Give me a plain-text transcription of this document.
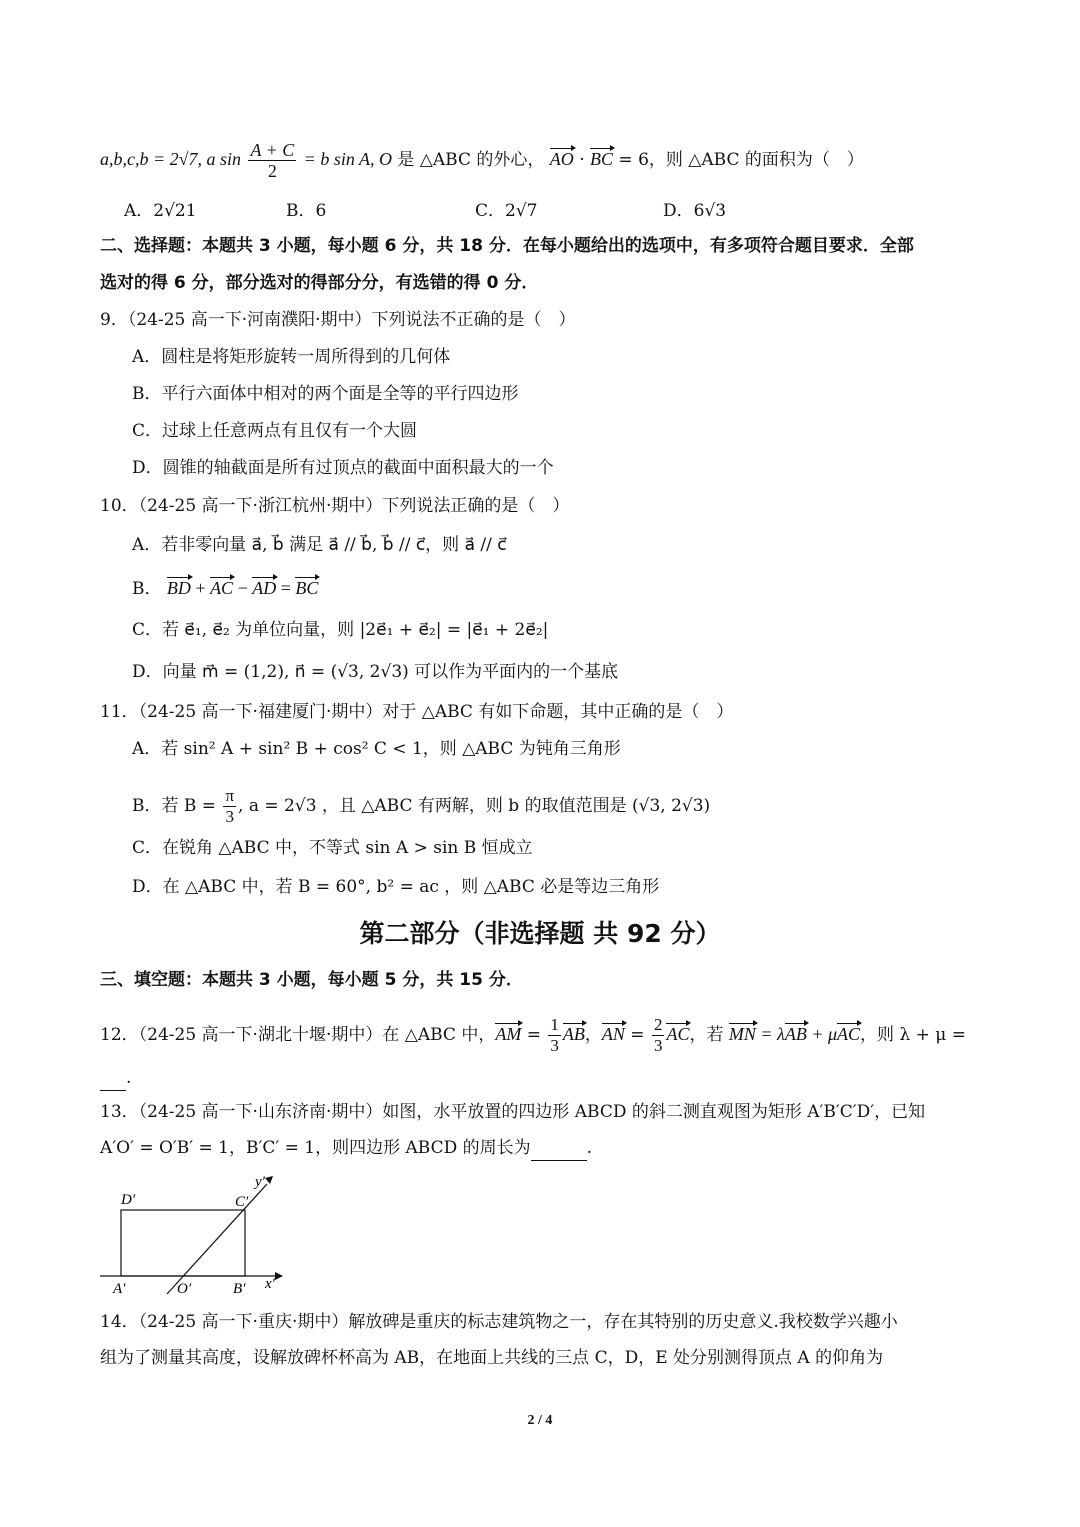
a,b,c,b = 2√7, a $\sin \frac{A + C}{2} = b$ sin A, O 是 △ABC 的外心， AO · BC = 6，则 △ABC 的面积为（　）
A．2√21	B．6	C．2√7	D．6√3
二、选择题：本题共 3 小题，每小题 6 分，共 18 分．在每小题给出的选项中，有多项符合题目要求．全部
选对的得 6 分，部分选对的得部分分，有选错的得 0 分．
9．（24-25 高一下·河南濮阳·期中）下列说法不正确的是（　）
A．圆柱是将矩形旋转一周所得到的几何体
B．平行六面体中相对的两个面是全等的平行四边形
C．过球上任意两点有且仅有一个大圆
D．圆锥的轴截面是所有过顶点的截面中面积最大的一个
10．（24-25 高一下·浙江杭州·期中）下列说法正确的是（　）
A．若非零向量 a⃗, b⃗ 满足 a⃗ // b⃗, b⃗ // c⃗，则 a⃗ // c⃗
B． BD + AC − AD = BC
C．若 e⃗₁, e⃗₂ 为单位向量，则 |2e⃗₁ + e⃗₂| = |e⃗₁ + 2e⃗₂|
D．向量 m⃗ = (1,2), n⃗ = (√3, 2√3) 可以作为平面内的一个基底
11．（24-25 高一下·福建厦门·期中）对于 △ABC 有如下命题，其中正确的是（　）
A．若 sin² A + sin² B + cos² C < 1，则 △ABC 为钝角三角形
B．若 $B = \frac{\pi}{3}$ , a = 2√3 ，且 △ABC 有两解，则 b 的取值范围是 (√3, 2√3)
C．在锐角 △ABC 中，不等式 sin A > sin B 恒成立
D．在 △ABC 中，若 B = 60°, b² = ac ，则 △ABC 必是等边三角形
第二部分（非选择题 共 92 分）
三、填空题：本题共 3 小题，每小题 5 分，共 15 分．
12．（24-25 高一下·湖北十堰·期中）在 △ABC 中，AM = $\frac{1}{3}$ AB，AN = $\frac{2}{3}$ AC，若 MN = λAB + μAC，则 λ + μ =
.
13．（24-25 高一下·山东济南·期中）如图，水平放置的四边形 ABCD 的斜二测直观图为矩形 A′B′C′D′，已知
A′O′ = O′B′ = 1，B′C′ = 1，则四边形 ABCD 的周长为	.
D′	C′
A′	O′	B′ x′
y′
14．（24-25 高一下·重庆·期中）解放碑是重庆的标志建筑物之一，存在其特别的历史意义.我校数学兴趣小
组为了测量其高度，设解放碑杯杯高为 AB，在地面上共线的三点 C，D，E 处分别测得顶点 A 的仰角为
2 / 4
